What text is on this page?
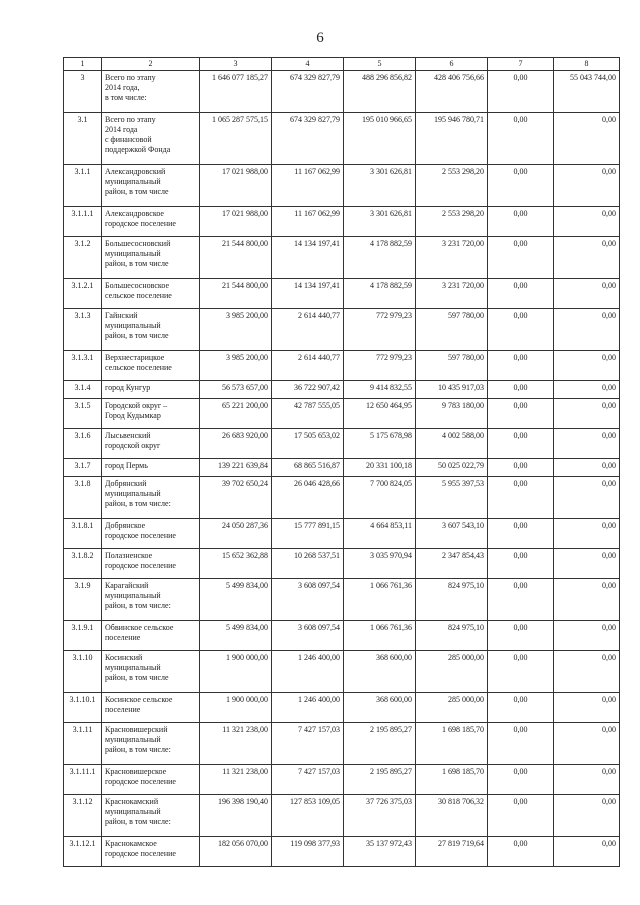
6
1	2	3	4	5	6	7	8
3	Всего по этапу
2014 года,
в том числе:	1 646 077 185,27	674 329 827,79	488 296 856,82	428 406 756,66	0,00	55 043 744,00
3.1	Всего по этапу
2014 года
с финансовой
поддержкой Фонда	1 065 287 575,15	674 329 827,79	195 010 966,65	195 946 780,71	0,00	0,00
3.1.1	Александровский
муниципальный
район, в том числе	17 021 988,00	11 167 062,99	3 301 626,81	2 553 298,20	0,00	0,00
3.1.1.1	Александровское
городское поселение	17 021 988,00	11 167 062,99	3 301 626,81	2 553 298,20	0,00	0,00
3.1.2	Большесосновский
муниципальный
район, в том числе	21 544 800,00	14 134 197,41	4 178 882,59	3 231 720,00	0,00	0,00
3.1.2.1	Большесосновское
сельское поселение	21 544 800,00	14 134 197,41	4 178 882,59	3 231 720,00	0,00	0,00
3.1.3	Гайнский
муниципальный
район, в том числе	3 985 200,00	2 614 440,77	772 979,23	597 780,00	0,00	0,00
3.1.3.1	Верхнестарицкое
сельское поселение	3 985 200,00	2 614 440,77	772 979,23	597 780,00	0,00	0,00
3.1.4	город Кунгур	56 573 657,00	36 722 907,42	9 414 832,55	10 435 917,03	0,00	0,00
3.1.5	Городской округ –
Город Кудымкар	65 221 200,00	42 787 555,05	12 650 464,95	9 783 180,00	0,00	0,00
3.1.6	Лысьвенский
городской округ	26 683 920,00	17 505 653,02	5 175 678,98	4 002 588,00	0,00	0,00
3.1.7	город Пермь	139 221 639,84	68 865 516,87	20 331 100,18	50 025 022,79	0,00	0,00
3.1.8	Добрянский
муниципальный
район, в том числе:	39 702 650,24	26 046 428,66	7 700 824,05	5 955 397,53	0,00	0,00
3.1.8.1	Добрянское
городское поселение	24 050 287,36	15 777 891,15	4 664 853,11	3 607 543,10	0,00	0,00
3.1.8.2	Полазненское
городское поселение	15 652 362,88	10 268 537,51	3 035 970,94	2 347 854,43	0,00	0,00
3.1.9	Карагайский
муниципальный
район, в том числе:	5 499 834,00	3 608 097,54	1 066 761,36	824 975,10	0,00	0,00
3.1.9.1	Обвинское сельское
поселение	5 499 834,00	3 608 097,54	1 066 761,36	824 975,10	0,00	0,00
3.1.10	Косинский
муниципальный
район, в том числе	1 900 000,00	1 246 400,00	368 600,00	285 000,00	0,00	0,00
3.1.10.1	Косинское сельское
поселение	1 900 000,00	1 246 400,00	368 600,00	285 000,00	0,00	0,00
3.1.11	Красновишерский
муниципальный
район, в том числе:	11 321 238,00	7 427 157,03	2 195 895,27	1 698 185,70	0,00	0,00
3.1.11.1	Красновишерское
городское поселение	11 321 238,00	7 427 157,03	2 195 895,27	1 698 185,70	0,00	0,00
3.1.12	Краснокамский
муниципальный
район, в том числе:	196 398 190,40	127 853 109,05	37 726 375,03	30 818 706,32	0,00	0,00
3.1.12.1	Краснокамское
городское поселение	182 056 070,00	119 098 377,93	35 137 972,43	27 819 719,64	0,00	0,00
